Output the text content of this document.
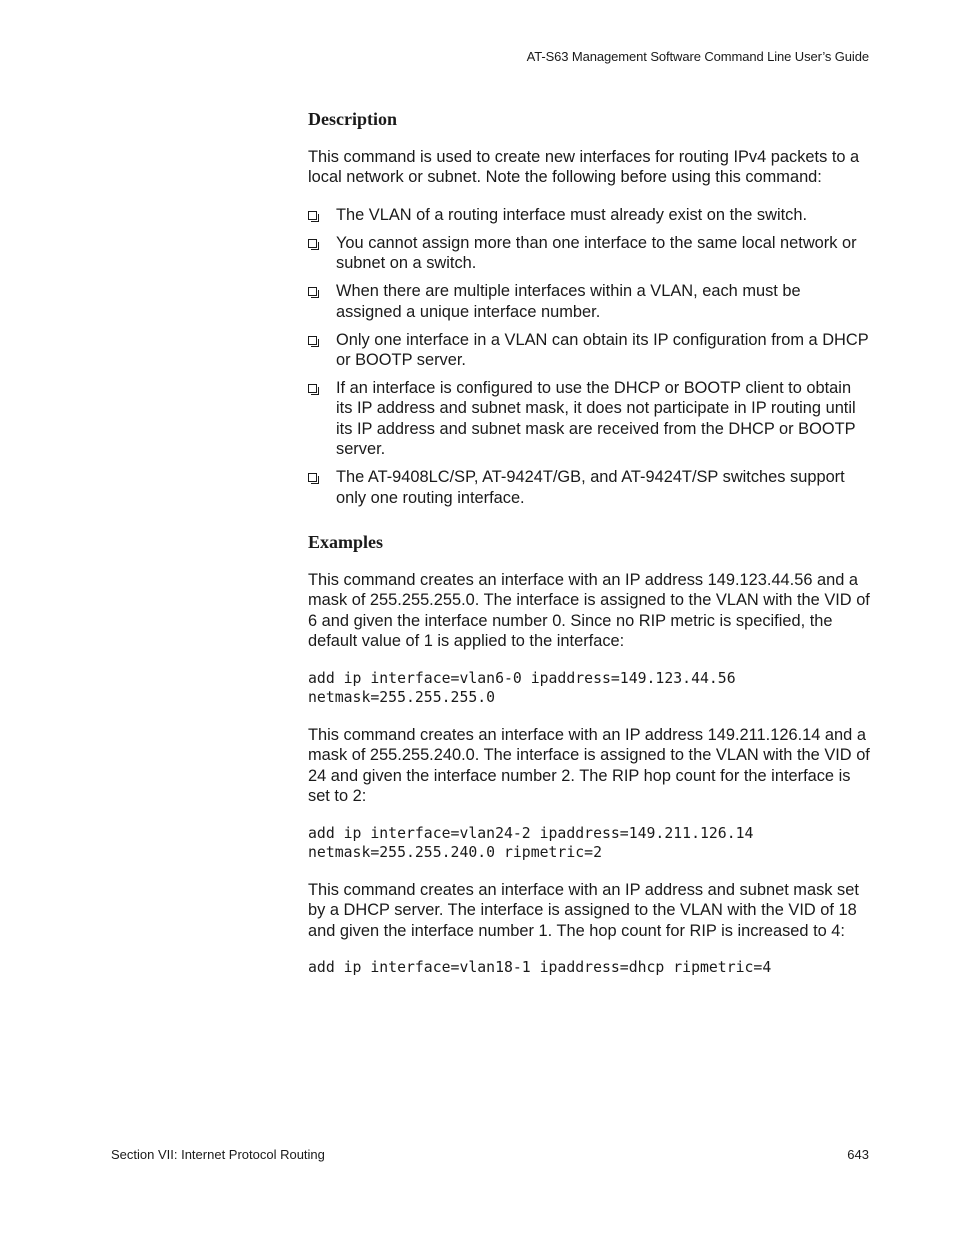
AT-S63 Management Software Command Line User’s Guide
Description

This command is used to create new interfaces for routing IPv4 packets to a local network or subnet. Note the following before using this command:

The VLAN of a routing interface must already exist on the switch.
You cannot assign more than one interface to the same local network or subnet on a switch.
When there are multiple interfaces within a VLAN, each must be assigned a unique interface number.
Only one interface in a VLAN can obtain its IP configuration from a DHCP or BOOTP server.
If an interface is configured to use the DHCP or BOOTP client to obtain its IP address and subnet mask, it does not participate in IP routing until its IP address and subnet mask are received from the DHCP or BOOTP server.
The AT-9408LC/SP, AT-9424T/GB, and AT-9424T/SP switches support only one routing interface.
Examples

This command creates an interface with an IP address 149.123.44.56 and a mask of 255.255.255.0. The interface is assigned to the VLAN with the VID of 6 and given the interface number 0. Since no RIP metric is specified, the default value of 1 is applied to the interface:

add ip interface=vlan6-0 ipaddress=149.123.44.56
netmask=255.255.255.0

This command creates an interface with an IP address 149.211.126.14 and a mask of 255.255.240.0. The interface is assigned to the VLAN with the VID of 24 and given the interface number 2. The RIP hop count for the interface is set to 2:

add ip interface=vlan24-2 ipaddress=149.211.126.14
netmask=255.255.240.0 ripmetric=2

This command creates an interface with an IP address and subnet mask set by a DHCP server. The interface is assigned to the VLAN with the VID of 18 and given the interface number 1. The hop count for RIP is increased to 4:

add ip interface=vlan18-1 ipaddress=dhcp ripmetric=4
Section VII: Internet Protocol Routing	643
